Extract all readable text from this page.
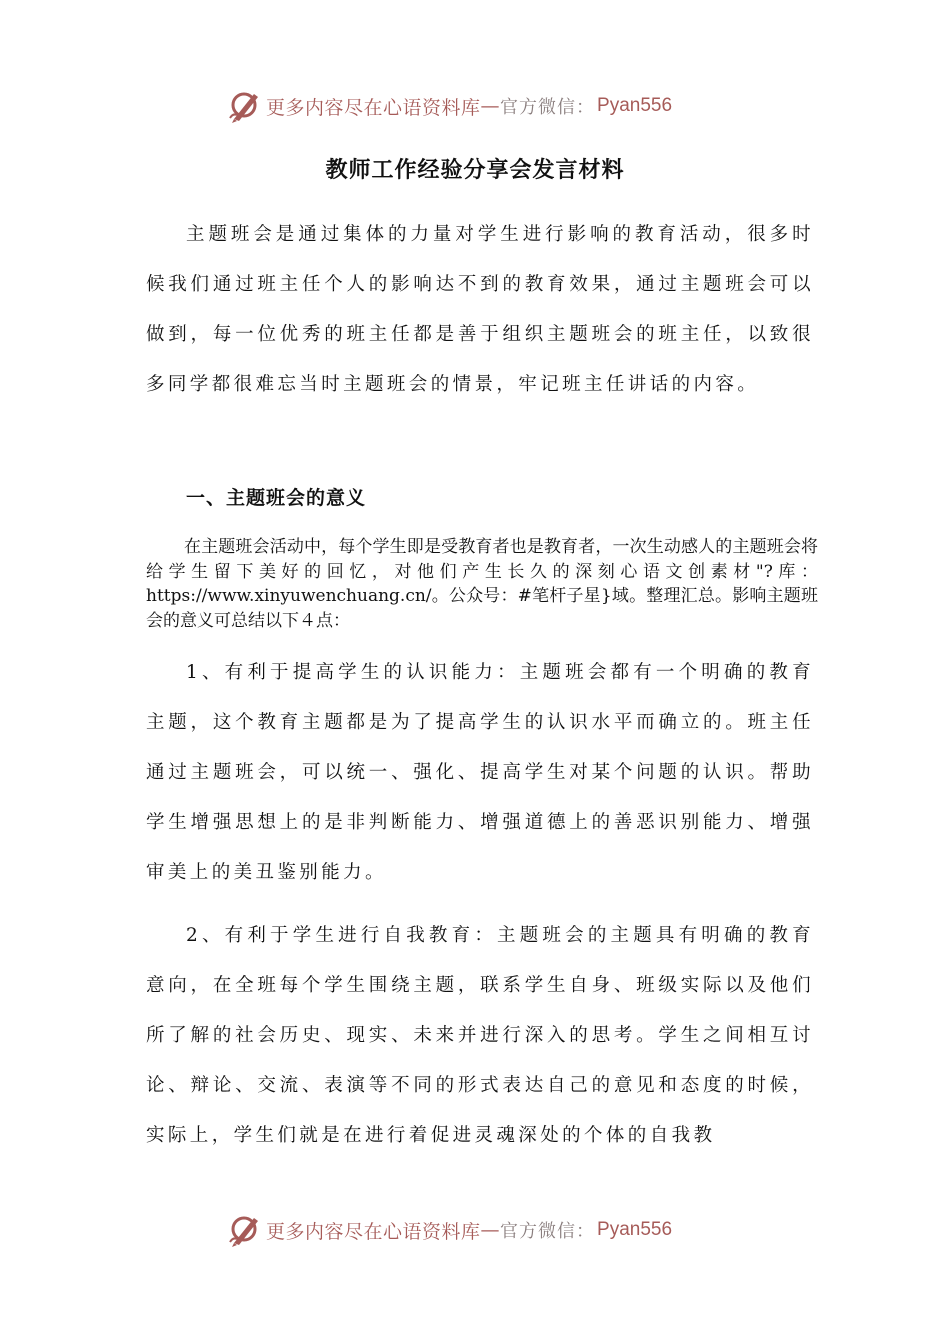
更多内容尽在心语资料库 — 官方微信： Pyan556
教师工作经验分享会发言材料

主题班会是通过集体的力量对学生进行影响的教育活动，很多时候我们通过班主任个人的影响达不到的教育效果，通过主题班会可以做到，每一位优秀的班主任都是善于组织主题班会的班主任，以致很多同学都很难忘当时主题班会的情景，牢记班主任讲话的内容。

一、主题班会的意义

在主题班会活动中，每个学生即是受教育者也是教育者，一次生动感人的主题班会将给学生留下美好的回忆，对他们产生长久的深刻心语文创素材"?库：https://www.xinyuwenchuang.cn/。公众号：#笔杆子星}域。整理汇总。影响主题班会的意义可总结以下４点：

1、有利于提高学生的认识能力：主题班会都有一个明确的教育主题，这个教育主题都是为了提高学生的认识水平而确立的。班主任通过主题班会，可以统一、强化、提高学生对某个问题的认识。帮助学生增强思想上的是非判断能力、增强道德上的善恶识别能力、增强审美上的美丑鉴别能力。

2、有利于学生进行自我教育：主题班会的主题具有明确的教育意向，在全班每个学生围绕主题，联系学生自身、班级实际以及他们所了解的社会历史、现实、未来并进行深入的思考。学生之间相互讨论、辩论、交流、表演等不同的形式表达自己的意见和态度的时候，实际上，学生们就是在进行着促进灵魂深处的个体的自我教

更多内容尽在心语资料库 — 官方微信： Pyan556
